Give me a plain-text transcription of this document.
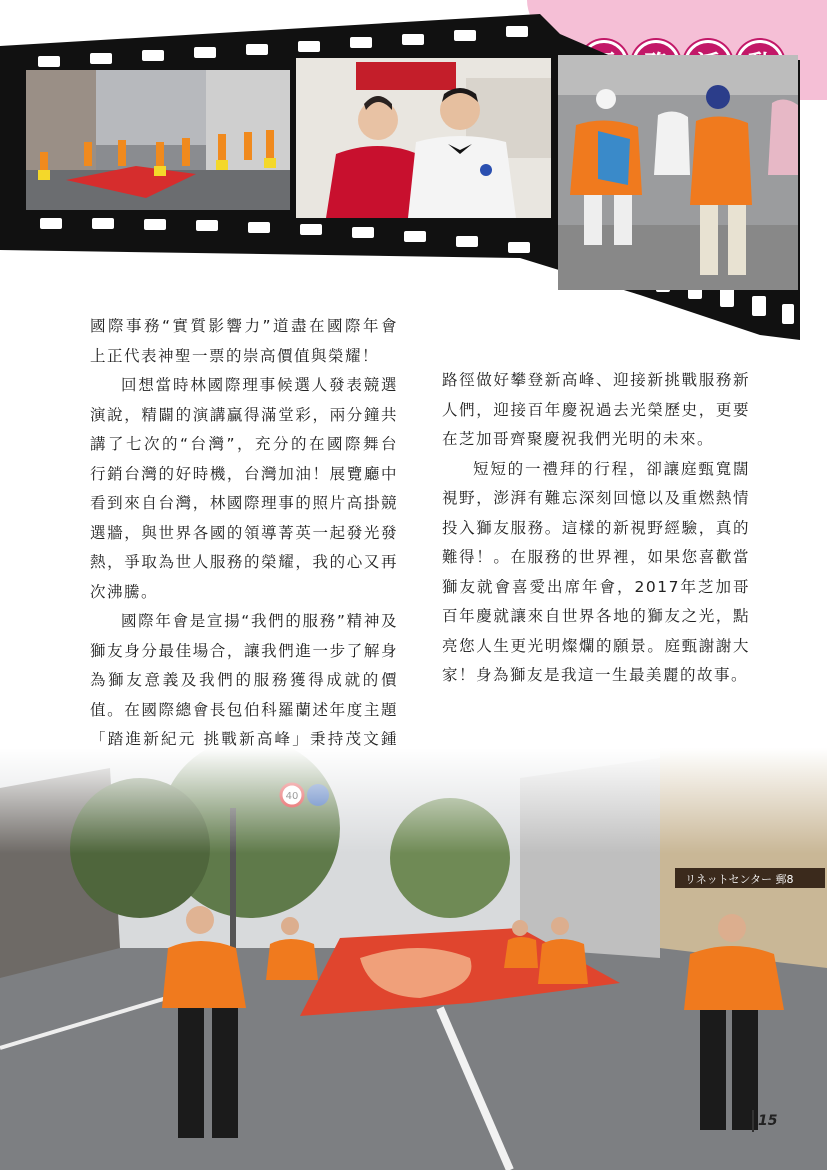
國際事務“實質影響力”道盡在國際年會上正代表神聖一票的崇高價值與榮耀！

回想當時林國際理事候選人發表競選演說，精闢的演講贏得滿堂彩，兩分鐘共講了七次的“台灣”，充分的在國際舞台行銷台灣的好時機，台灣加油！展覽廳中看到來自台灣，林國際理事的照片高掛競選牆，與世界各國的領導菁英一起發光發熱，爭取為世人服務的榮耀，我的心又再次沸騰。

國際年會是宣揚“我們的服務”精神及獅友身分最佳場合，讓我們進一步了解身為獅友意義及我們的服務獲得成就的價值。在國際總會長包伯科羅蘭述年度主題「踏進新紀元 挑戰新高峰」秉持茂文鍾

路徑做好攀登新高峰、迎接新挑戰服務新人們，迎接百年慶祝過去光榮歷史，更要在芝加哥齊聚慶祝我們光明的未來。

短短的一禮拜的行程，卻讓庭甄寬闊視野，澎湃有難忘深刻回憶以及重燃熱情投入獅友服務。這樣的新視野經驗，真的難得！。在服務的世界裡，如果您喜歡當獅友就會喜愛出席年會，2017年芝加哥百年慶就讓來自世界各地的獅友之光，點亮您人生更光明燦爛的願景。庭甄謝謝大家！身為獅友是我這一生最美麗的故事。

15
